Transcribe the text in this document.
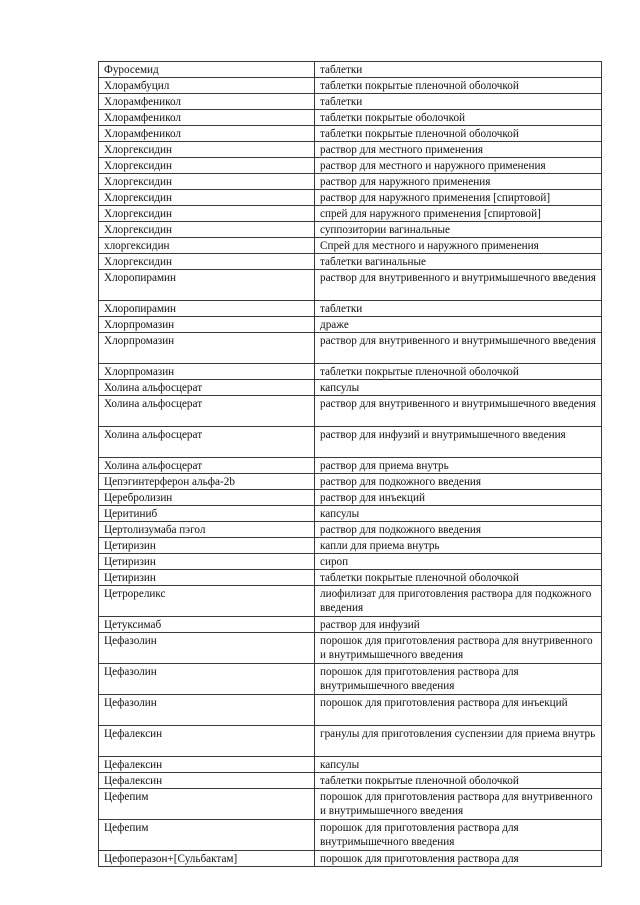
Фуросемид	таблетки
Хлорамбуцил	таблетки покрытые пленочной оболочкой
Хлорамфеникол	таблетки
Хлорамфеникол	таблетки покрытые оболочкой
Хлорамфеникол	таблетки покрытые пленочной оболочкой
Хлоргексидин	раствор для местного применения
Хлоргексидин	раствор для местного и наружного применения
Хлоргексидин	раствор для наружного применения
Хлоргексидин	раствор для наружного применения [спиртовой]
Хлоргексидин	спрей для наружного применения [спиртовой]
Хлоргексидин	суппозитории вагинальные
хлоргексидин	Спрей для местного и наружного применения
Хлоргексидин	таблетки вагинальные
Хлоропирамин	раствор для внутривенного и внутримышечного введения
Хлоропирамин	таблетки
Хлорпромазин	драже
Хлорпромазин	раствор для внутривенного и внутримышечного введения
Хлорпромазин	таблетки покрытые пленочной оболочкой
Холина альфосцерат	капсулы
Холина альфосцерат	раствор для внутривенного и внутримышечного введения
Холина альфосцерат	раствор для инфузий и внутримышечного введения
Холина альфосцерат	раствор для приема внутрь
Цепэгинтерферон альфа-2b	раствор для подкожного введения
Церебролизин	раствор для инъекций
Церитиниб	капсулы
Цертолизумаба пэгол	раствор для подкожного введения
Цетиризин	капли для приема внутрь
Цетиризин	сироп
Цетиризин	таблетки покрытые пленочной оболочкой
Цетрореликс	лиофилизат для приготовления раствора для подкожного введения
Цетуксимаб	раствор для инфузий
Цефазолин	порошок для приготовления раствора для внутривенного и внутримышечного введения
Цефазолин	порошок для приготовления раствора для внутримышечного введения
Цефазолин	порошок для приготовления раствора для инъекций
Цефалексин	гранулы для приготовления суспензии для приема внутрь
Цефалексин	капсулы
Цефалексин	таблетки покрытые пленочной оболочкой
Цефепим	порошок для приготовления раствора для внутривенного и внутримышечного введения
Цефепим	порошок для приготовления раствора для внутримышечного введения
Цефоперазон+[Сульбактам]	порошок для приготовления раствора для
